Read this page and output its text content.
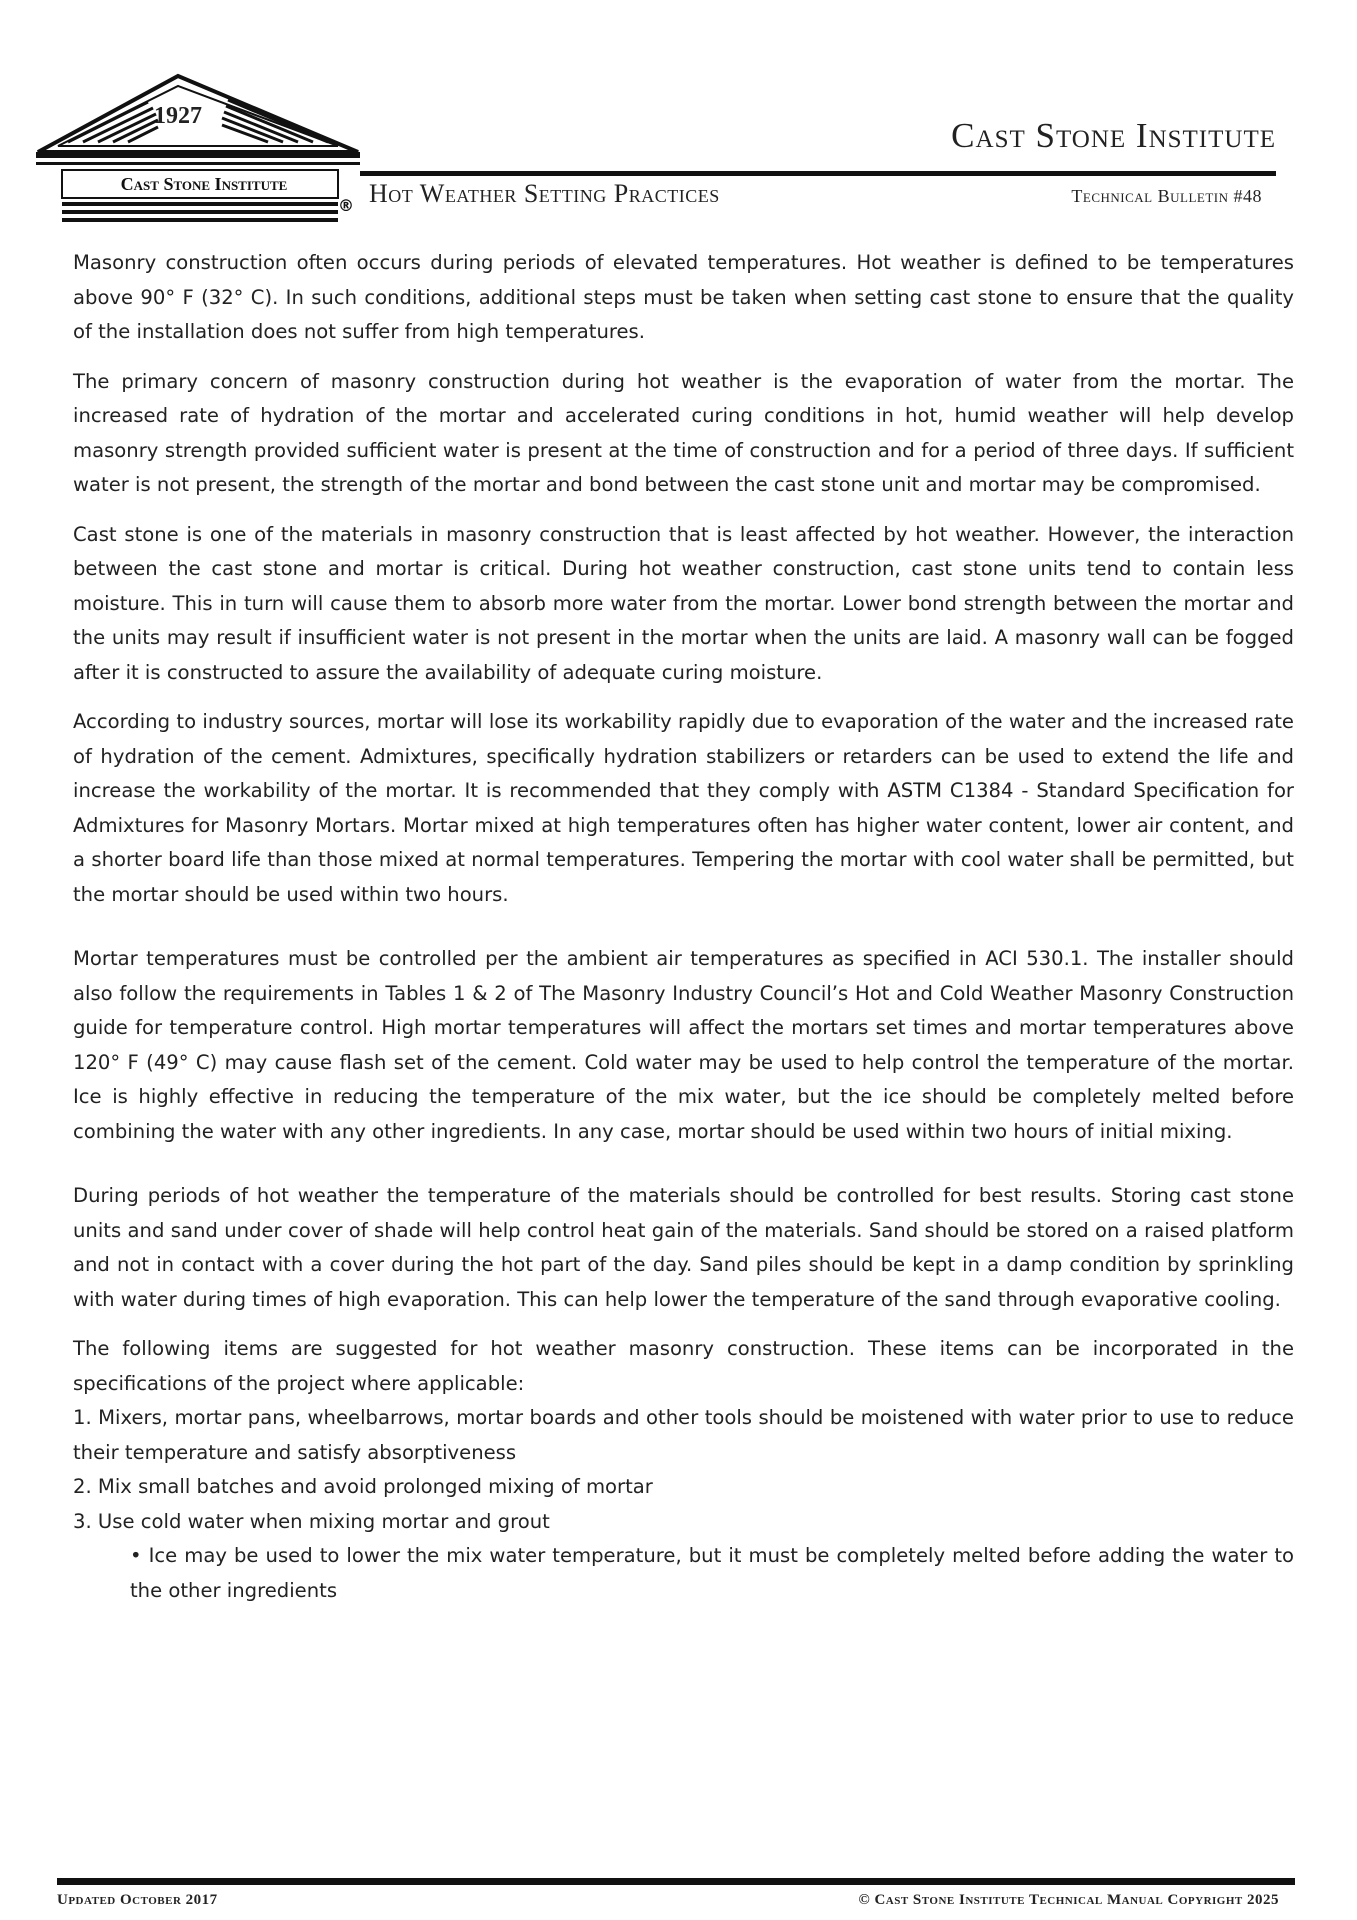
1927
Cast Stone Institute
®
Cast Stone Institute
Hot Weather Setting Practices	Technical Bulletin #48

Masonry construction often occurs during periods of elevated temperatures. Hot weather is defined to be temperatures above 90° F (32° C). In such conditions, additional steps must be taken when setting cast stone to ensure that the quality of the installation does not suffer from high temperatures.

The primary concern of masonry construction during hot weather is the evaporation of water from the mortar. The increased rate of hydration of the mortar and accelerated curing conditions in hot, humid weather will help develop masonry strength provided sufficient water is present at the time of construction and for a period of three days. If sufficient water is not present, the strength of the mortar and bond between the cast stone unit and mortar may be compromised.

Cast stone is one of the materials in masonry construction that is least affected by hot weather. However, the interaction between the cast stone and mortar is critical. During hot weather construction, cast stone units tend to contain less moisture. This in turn will cause them to absorb more water from the mortar. Lower bond strength between the mortar and the units may result if insufficient water is not present in the mortar when the units are laid. A masonry wall can be fogged after it is constructed to assure the availability of adequate curing moisture.

According to industry sources, mortar will lose its workability rapidly due to evaporation of the water and the increased rate of hydration of the cement. Admixtures, specifically hydration stabilizers or retarders can be used to extend the life and increase the workability of the mortar. It is recommended that they comply with ASTM C1384 - Standard Specification for Admixtures for Masonry Mortars. Mortar mixed at high temperatures often has higher water content, lower air content, and a shorter board life than those mixed at normal temperatures. Tempering the mortar with cool water shall be permitted, but the mortar should be used within two hours.

Mortar temperatures must be controlled per the ambient air temperatures as specified in ACI 530.1. The installer should also follow the requirements in Tables 1 & 2 of The Masonry Industry Council’s Hot and Cold Weather Masonry Construction guide for temperature control. High mortar temperatures will affect the mortars set times and mortar temperatures above 120° F (49° C) may cause flash set of the cement. Cold water may be used to help control the temperature of the mortar. Ice is highly effective in reducing the temperature of the mix water, but the ice should be completely melted before combining the water with any other ingredients. In any case, mortar should be used within two hours of initial mixing.

During periods of hot weather the temperature of the materials should be controlled for best results. Storing cast stone units and sand under cover of shade will help control heat gain of the materials. Sand should be stored on a raised platform and not in contact with a cover during the hot part of the day. Sand piles should be kept in a damp condition by sprinkling with water during times of high evaporation. This can help lower the temperature of the sand through evaporative cooling.

The following items are suggested for hot weather masonry construction. These items can be incorporated in the specifications of the project where applicable:

1. Mixers, mortar pans, wheelbarrows, mortar boards and other tools should be moistened with water prior to use to reduce their temperature and satisfy absorptiveness
2. Mix small batches and avoid prolonged mixing of mortar
3. Use cold water when mixing mortar and grout
• Ice may be used to lower the mix water temperature, but it must be completely melted before adding the water to the other ingredients
Updated October 2017	© Cast Stone Institute Technical Manual Copyright 2025
